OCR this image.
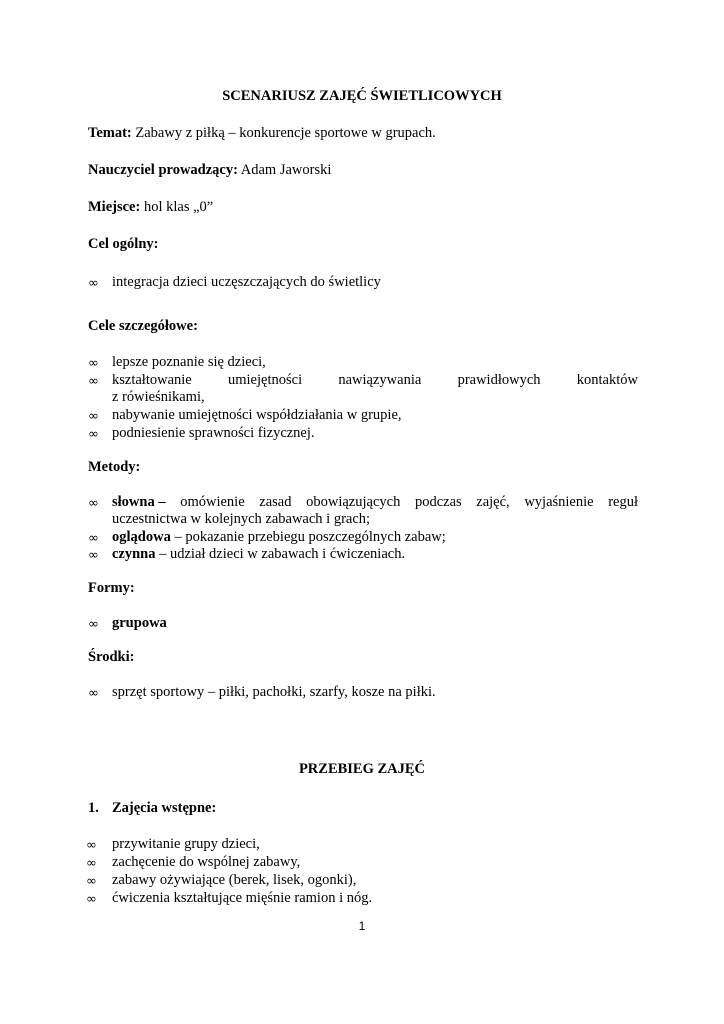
SCENARIUSZ ZAJĘĆ ŚWIETLICOWYCH
Temat: Zabawy z piłką – konkurencje sportowe w grupach.
Nauczyciel prowadzący: Adam Jaworski
Miejsce: hol klas „0”
Cel ogólny:
∞ integracja dzieci uczęszczających do świetlicy
Cele szczegółowe:
∞ lepsze poznanie się dzieci,
∞ kształtowanie	umiejętności	nawiązywania	prawidłowych	kontaktów
z rówieśnikami,
∞ nabywanie umiejętności współdziałania w grupie,
∞ podniesienie sprawności fizycznej.
Metody:
∞ słowna – omówienie zasad obowiązujących podczas zajęć, wyjaśnienie reguł
uczestnictwa w kolejnych zabawach i grach;
∞ oglądowa – pokazanie przebiegu poszczególnych zabaw;
∞ czynna – udział dzieci w zabawach i ćwiczeniach.
Formy:
∞ grupowa
Środki:
∞ sprzęt sportowy – piłki, pachołki, szarfy, kosze na piłki.
PRZEBIEG ZAJĘĆ
1. Zajęcia wstępne:
∞	przywitanie grupy dzieci,
∞	zachęcenie do wspólnej zabawy,
∞	zabawy ożywiające (berek, lisek, ogonki),
∞	ćwiczenia kształtujące mięśnie ramion i nóg.
1
